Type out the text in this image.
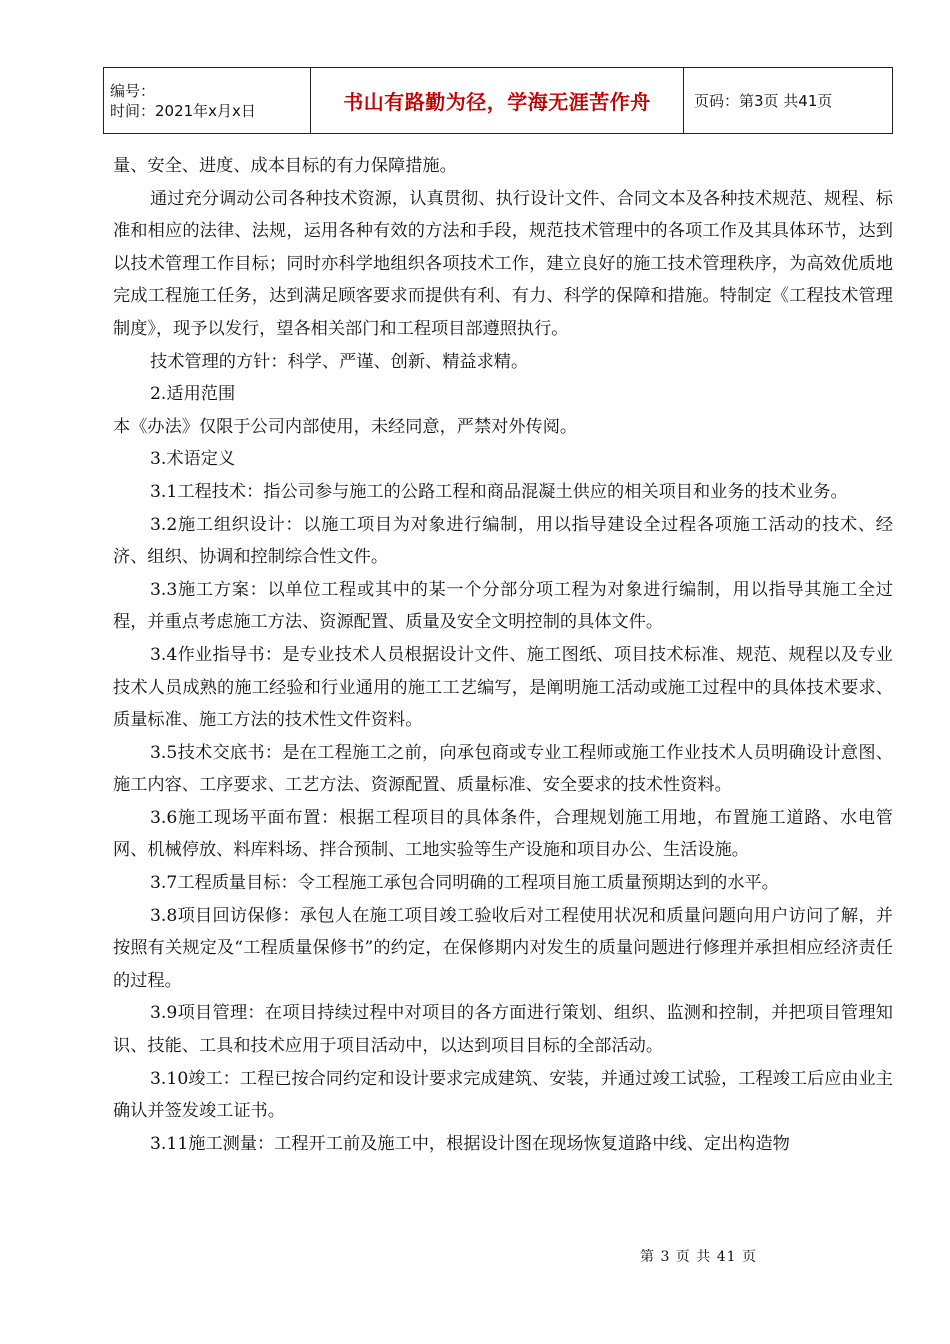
编号：
时间：2021年x月x日	书山有路勤为径，学海无涯苦作舟	页码：第3页 共41页

量、安全、进度、成本目标的有力保障措施。

通过充分调动公司各种技术资源，认真贯彻、执行设计文件、合同文本及各种技术规范、规程、标准和相应的法律、法规，运用各种有效的方法和手段，规范技术管理中的各项工作及其具体环节，达到以技术管理工作目标；同时亦科学地组织各项技术工作，建立良好的施工技术管理秩序，为高效优质地完成工程施工任务，达到满足顾客要求而提供有利、有力、科学的保障和措施。特制定《工程技术管理制度》，现予以发行，望各相关部门和工程项目部遵照执行。

技术管理的方针：科学、严谨、创新、精益求精。

2.适用范围

本《办法》仅限于公司内部使用，未经同意，严禁对外传阅。

3.术语定义

3.1工程技术：指公司参与施工的公路工程和商品混凝土供应的相关项目和业务的技术业务。

3.2施工组织设计：以施工项目为对象进行编制，用以指导建设全过程各项施工活动的技术、经济、组织、协调和控制综合性文件。

3.3施工方案：以单位工程或其中的某一个分部分项工程为对象进行编制，用以指导其施工全过程，并重点考虑施工方法、资源配置、质量及安全文明控制的具体文件。

3.4作业指导书：是专业技术人员根据设计文件、施工图纸、项目技术标准、规范、规程以及专业技术人员成熟的施工经验和行业通用的施工工艺编写，是阐明施工活动或施工过程中的具体技术要求、质量标准、施工方法的技术性文件资料。

3.5技术交底书：是在工程施工之前，向承包商或专业工程师或施工作业技术人员明确设计意图、施工内容、工序要求、工艺方法、资源配置、质量标准、安全要求的技术性资料。

3.6施工现场平面布置：根据工程项目的具体条件，合理规划施工用地，布置施工道路、水电管网、机械停放、料库料场、拌合预制、工地实验等生产设施和项目办公、生活设施。

3.7工程质量目标：令工程施工承包合同明确的工程项目施工质量预期达到的水平。

3.8项目回访保修：承包人在施工项目竣工验收后对工程使用状况和质量问题向用户访问了解，并按照有关规定及“工程质量保修书”的约定，在保修期内对发生的质量问题进行修理并承担相应经济责任的过程。

3.9项目管理：在项目持续过程中对项目的各方面进行策划、组织、监测和控制，并把项目管理知识、技能、工具和技术应用于项目活动中，以达到项目目标的全部活动。

3.10竣工：工程已按合同约定和设计要求完成建筑、安装，并通过竣工试验，工程竣工后应由业主确认并签发竣工证书。

3.11施工测量：工程开工前及施工中，根据设计图在现场恢复道路中线、定出构造物

第 3 页 共 41 页
